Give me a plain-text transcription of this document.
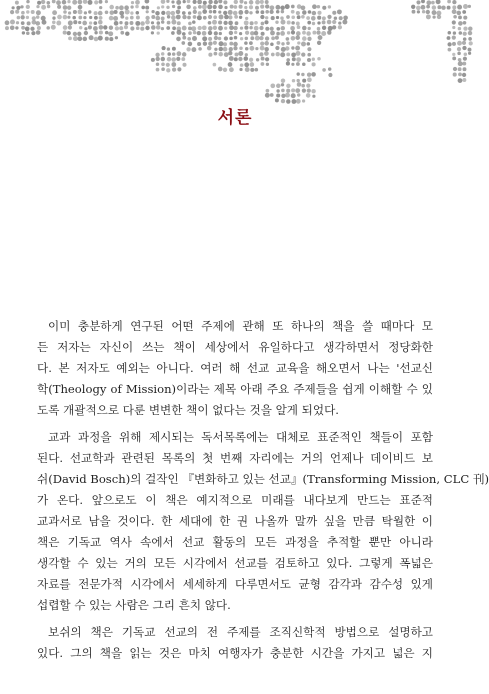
서론
이미 충분하게 연구된 어떤 주제에 관해 또 하나의 책을 쓸 때마다 모
든 저자는 자신이 쓰는 책이 세상에서 유일하다고 생각하면서 정당화한
다. 본 저자도 예외는 아니다. 여러 해 선교 교육을 해오면서 나는 '선교신
학(Theology of Mission)이라는 제목 아래 주요 주제들을 쉽게 이해할 수 있
도록 개괄적으로 다룬 변변한 책이 없다는 것을 알게 되었다.
교과 과정을 위해 제시되는 독서목록에는 대체로 표준적인 책들이 포함
된다. 선교학과 관련된 목록의 첫 번째 자리에는 거의 언제나 데이비드 보
쉬(David Bosch)의 걸작인 『변화하고 있는 선교』(Transforming Mission, CLC 刊)
가 온다. 앞으로도 이 책은 예지적으로 미래를 내다보게 만드는 표준적
교과서로 남을 것이다. 한 세대에 한 권 나올까 말까 싶을 만큼 탁월한 이
책은 기독교 역사 속에서 선교 활동의 모든 과정을 추적할 뿐만 아니라
생각할 수 있는 거의 모든 시각에서 선교를 검토하고 있다. 그렇게 폭넓은
자료를 전문가적 시각에서 세세하게 다루면서도 균형 감각과 감수성 있게
섭렵할 수 있는 사람은 그리 흔치 않다.
보쉬의 책은 기독교 선교의 전 주제를 조직신학적 방법으로 설명하고
있다. 그의 책을 읽는 것은 마치 여행자가 충분한 시간을 가지고 넓은 지
